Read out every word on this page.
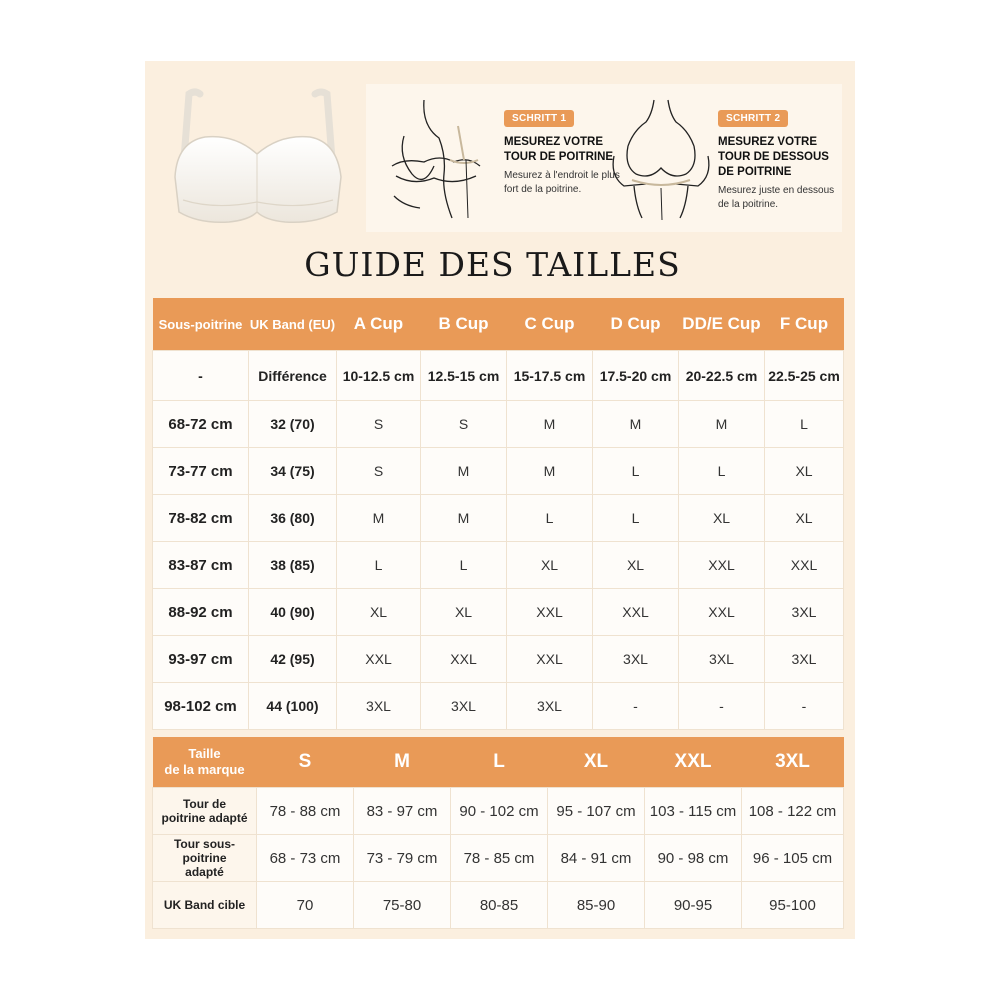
SCHRITT 1
MESUREZ VOTRE TOUR DE POITRINE
Mesurez à l'endroit le plus fort de la poitrine.
SCHRITT 2
MESUREZ VOTRE TOUR DE DESSOUS DE POITRINE
Mesurez juste en dessous de la poitrine.
GUIDE DES TAILLES
Sous-poitrine	UK Band (EU)	A Cup	B Cup	C Cup	D Cup	DD/E Cup	F Cup
-	Différence	10-12.5 cm	12.5-15 cm	15-17.5 cm	17.5-20 cm	20-22.5 cm	22.5-25 cm
68-72 cm	32 (70)	S	S	M	M	M	L
73-77 cm	34 (75)	S	M	M	L	L	XL
78-82 cm	36 (80)	M	M	L	L	XL	XL
83-87 cm	38 (85)	L	L	XL	XL	XXL	XXL
88-92 cm	40 (90)	XL	XL	XXL	XXL	XXL	3XL
93-97 cm	42 (95)	XXL	XXL	XXL	3XL	3XL	3XL
98-102 cm	44 (100)	3XL	3XL	3XL	-	-	-
Taille
de la marque	S	M	L	XL	XXL	3XL

Tour de
poitrine adapté	78 - 88 cm	83 - 97 cm	90 - 102 cm	95 - 107 cm	103 - 115 cm	108 - 122 cm

Tour sous-poitrine
adapté	68 - 73 cm	73 - 79 cm	78 - 85 cm	84 - 91 cm	90 - 98 cm	96 - 105 cm

UK Band cible	70	75-80	80-85	85-90	90-95	95-100
